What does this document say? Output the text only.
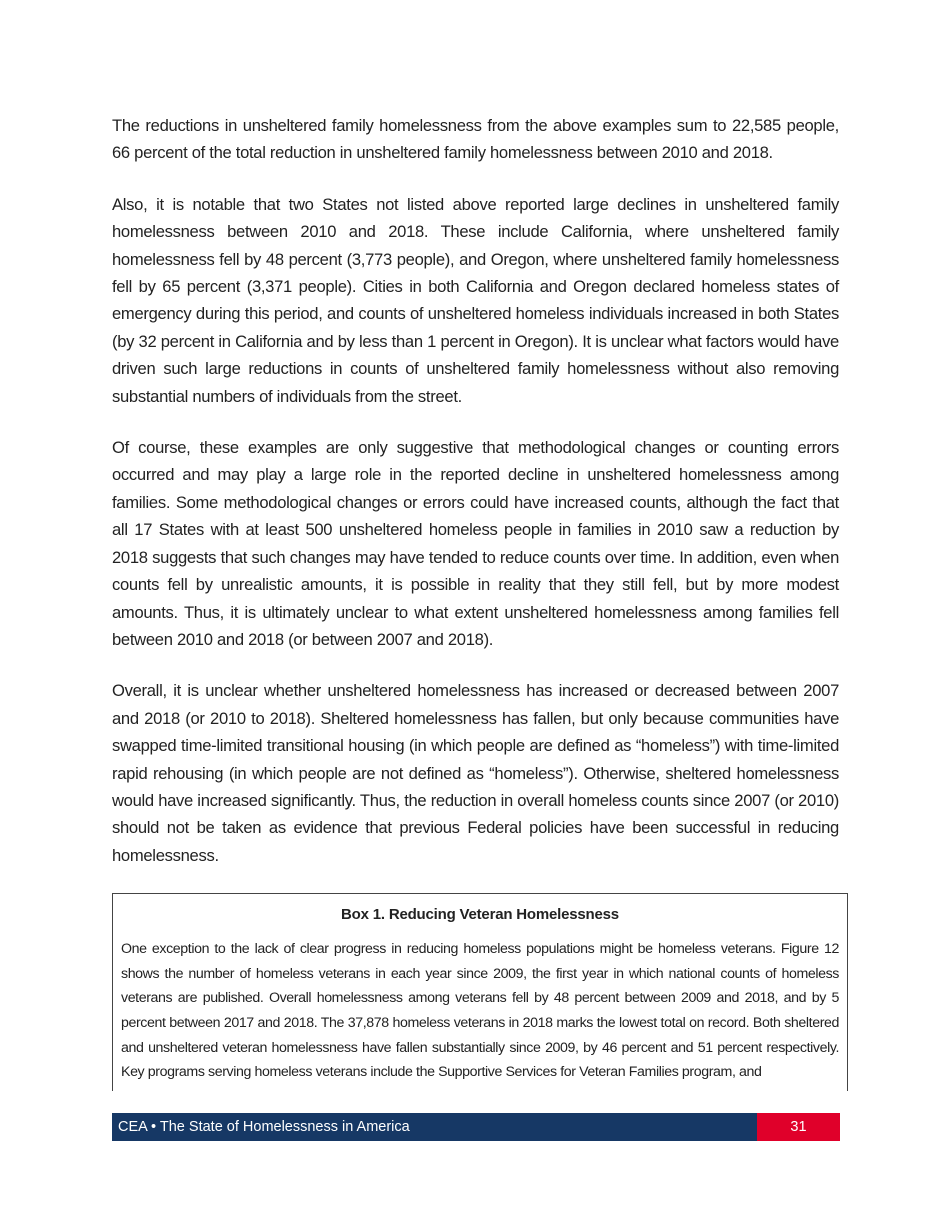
The reductions in unsheltered family homelessness from the above examples sum to 22,585 people, 66 percent of the total reduction in unsheltered family homelessness between 2010 and 2018.

Also, it is notable that two States not listed above reported large declines in unsheltered family homelessness between 2010 and 2018. These include California, where unsheltered family homelessness fell by 48 percent (3,773 people), and Oregon, where unsheltered family homelessness fell by 65 percent (3,371 people). Cities in both California and Oregon declared homeless states of emergency during this period, and counts of unsheltered homeless individuals increased in both States (by 32 percent in California and by less than 1 percent in Oregon). It is unclear what factors would have driven such large reductions in counts of unsheltered family homelessness without also removing substantial numbers of individuals from the street.

Of course, these examples are only suggestive that methodological changes or counting errors occurred and may play a large role in the reported decline in unsheltered homelessness among families. Some methodological changes or errors could have increased counts, although the fact that all 17 States with at least 500 unsheltered homeless people in families in 2010 saw a reduction by 2018 suggests that such changes may have tended to reduce counts over time. In addition, even when counts fell by unrealistic amounts, it is possible in reality that they still fell, but by more modest amounts. Thus, it is ultimately unclear to what extent unsheltered homelessness among families fell between 2010 and 2018 (or between 2007 and 2018).

Overall, it is unclear whether unsheltered homelessness has increased or decreased between 2007 and 2018 (or 2010 to 2018). Sheltered homelessness has fallen, but only because communities have swapped time-limited transitional housing (in which people are defined as “homeless”) with time-limited rapid rehousing (in which people are not defined as “homeless”). Otherwise, sheltered homelessness would have increased significantly. Thus, the reduction in overall homeless counts since 2007 (or 2010) should not be taken as evidence that previous Federal policies have been successful in reducing homelessness.

Box 1. Reducing Veteran Homelessness

One exception to the lack of clear progress in reducing homeless populations might be homeless veterans. Figure 12 shows the number of homeless veterans in each year since 2009, the first year in which national counts of homeless veterans are published. Overall homelessness among veterans fell by 48 percent between 2009 and 2018, and by 5 percent between 2017 and 2018. The 37,878 homeless veterans in 2018 marks the lowest total on record. Both sheltered and unsheltered veteran homelessness have fallen substantially since 2009, by 46 percent and 51 percent respectively. Key programs serving homeless veterans include the Supportive Services for Veteran Families program, and

CEA • The State of Homelessness in America	31
